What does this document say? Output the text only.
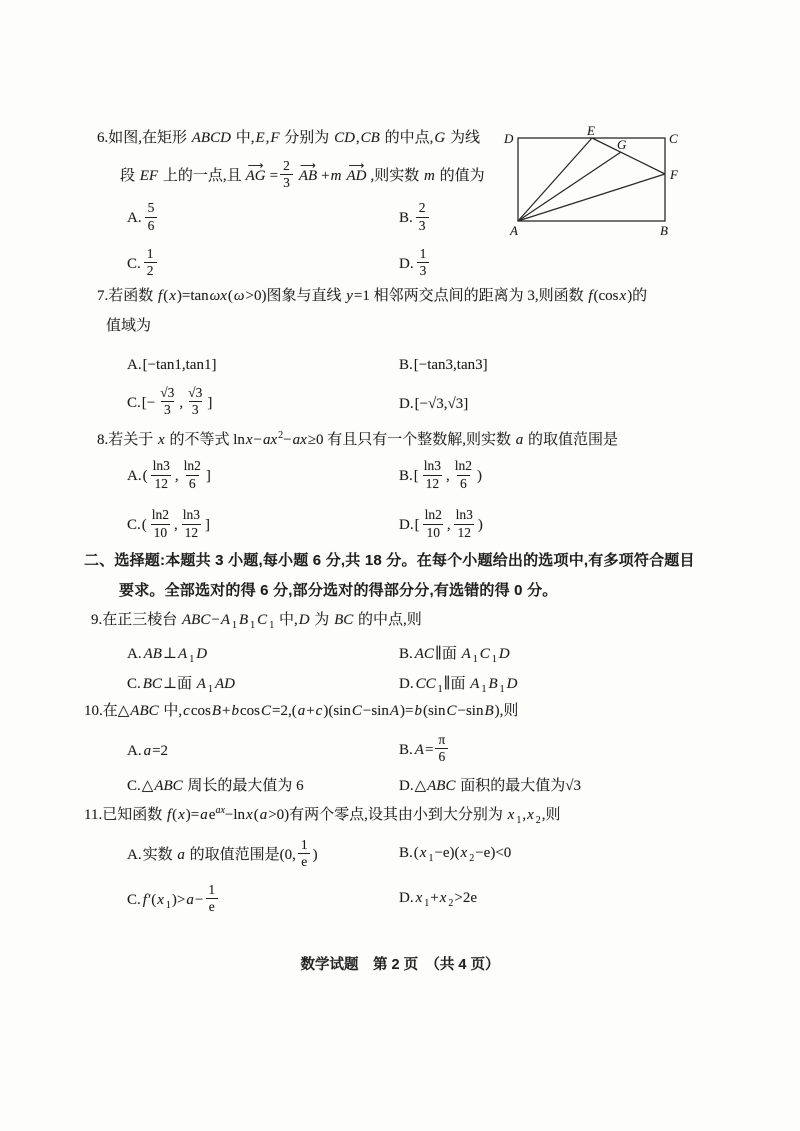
D
E
C
G
F
A	B
6.如图,在矩形 ABCD 中,E,F 分别为 CD,CB 的中点,G 为线
段 EF 上的一点,且 AG ⟶ = $\frac{2}{3}$ AB ⟶ +m AD ⟶ ,则实数 m 的值为
A. $\frac{5}{6}$	B. $\frac{2}{3}$
C. $\frac{1}{2}$	D. $\frac{1}{3}$
7.若函数 f(x)=tanωx(ω>0)图象与直线 y=1 相邻两交点间的距离为 3,则函数 f(cosx)的
值域为
A.[−tan1,tan1]	B.[−tan3,tan3]
$C.[- \frac{√3}{3}$ , $\frac{√3}{3}$ ]	D.[−√3,√3]
8.若关于 x 的不等式 $\ln x-ax^2-ax\ge 0$ 有且只有一个整数解,则实数 a 的取值范围是
$A.( \frac{\ln 3}{12}$ , $\frac{\ln 2}{6}$ ]	$B.[ \frac{\ln 3}{12}$ , $\frac{\ln 2}{6}$ )
$C.( \frac{\ln 2}{10}$ , $\frac{\ln 3}{12}$ ]	$D.[ \frac{\ln 2}{10}$ , $\frac{\ln 3}{12}$ )
二、选择题:本题共 3 小题,每小题 6 分,共 18 分。在每个小题给出的选项中,有多项符合题目
要求。全部选对的得 6 分,部分选对的得部分分,有选错的得 0 分。
9.在正三棱台 ABC−A $_1$ B $_1$ C $_1$ 中,D 为 BC 的中点,则
A. AB⊥A $_1$ D	B. AC∥面 A $_1$ C $_1$ D
C. BC⊥面 A $_1$ AD	D. CC $_1$∥面 A $_1$ B $_1$ D
10.在△ABC 中,ccosB+bcosC=2,(a+c)(sinC−sinA)=b(sinC−sinB),则
A. a=2	B. $A= \frac{\pi}{6}$
C.△ABC 周长的最大值为 6	D.△ABC 面积的最大值为√3
11.已知函数 $f(x)=ae^{ax}-\ln x(a>0)$有两个零点,设其由小到大分别为 x $_1$,x $_2$,则
A.实数 a 的取值范围是(0, $\frac{1}{e}$ )	B.(x $_1$−e)(x $_2$−e)<0
C. f′(x $_1)>a- \frac{1}{e}$	D. x $_1$+x $_2$>2e
数学试题　第 2 页　（共 4 页）
